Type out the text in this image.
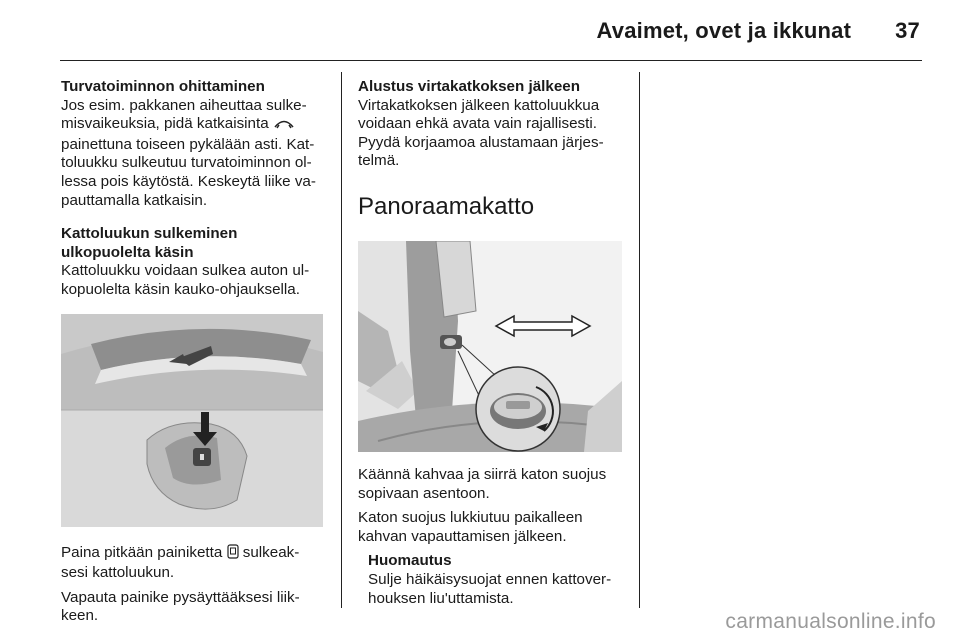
Avaimet, ovet ja ikkunat 37
Turvatoiminnon ohittaminen

Jos esim. pakkanen aiheuttaa sulke-misvaikeuksia, pidä katkaisinta  painettuna toiseen pykälään asti. Kat-toluukku sulkeutuu turvatoiminnon ol-lessa pois käytöstä. Keskeytä liike va-pauttamalla katkaisin.

Kattoluukun sulkeminen ulkopuolelta käsin

Kattoluukku voidaan sulkea auton ul-kopuolelta käsin kauko-ohjauksella.

Paina pitkään painiketta sulkeak-sesi kattoluukun.

Vapauta painike pysäyttääksesi liik-keen.

Alustus virtakatkoksen jälkeen

Virtakatkoksen jälkeen kattoluukkua voidaan ehkä avata vain rajallisesti. Pyydä korjaamoa alustamaan järjes-telmä.

Panoraamakatto

Käännä kahvaa ja siirrä katon suojus sopivaan asentoon.

Katon suojus lukkiutuu paikalleen kahvan vapauttamisen jälkeen.

Huomautus

Sulje häikäisysuojat ennen kattover-houksen liu'uttamista.

carmanualsonline.info
